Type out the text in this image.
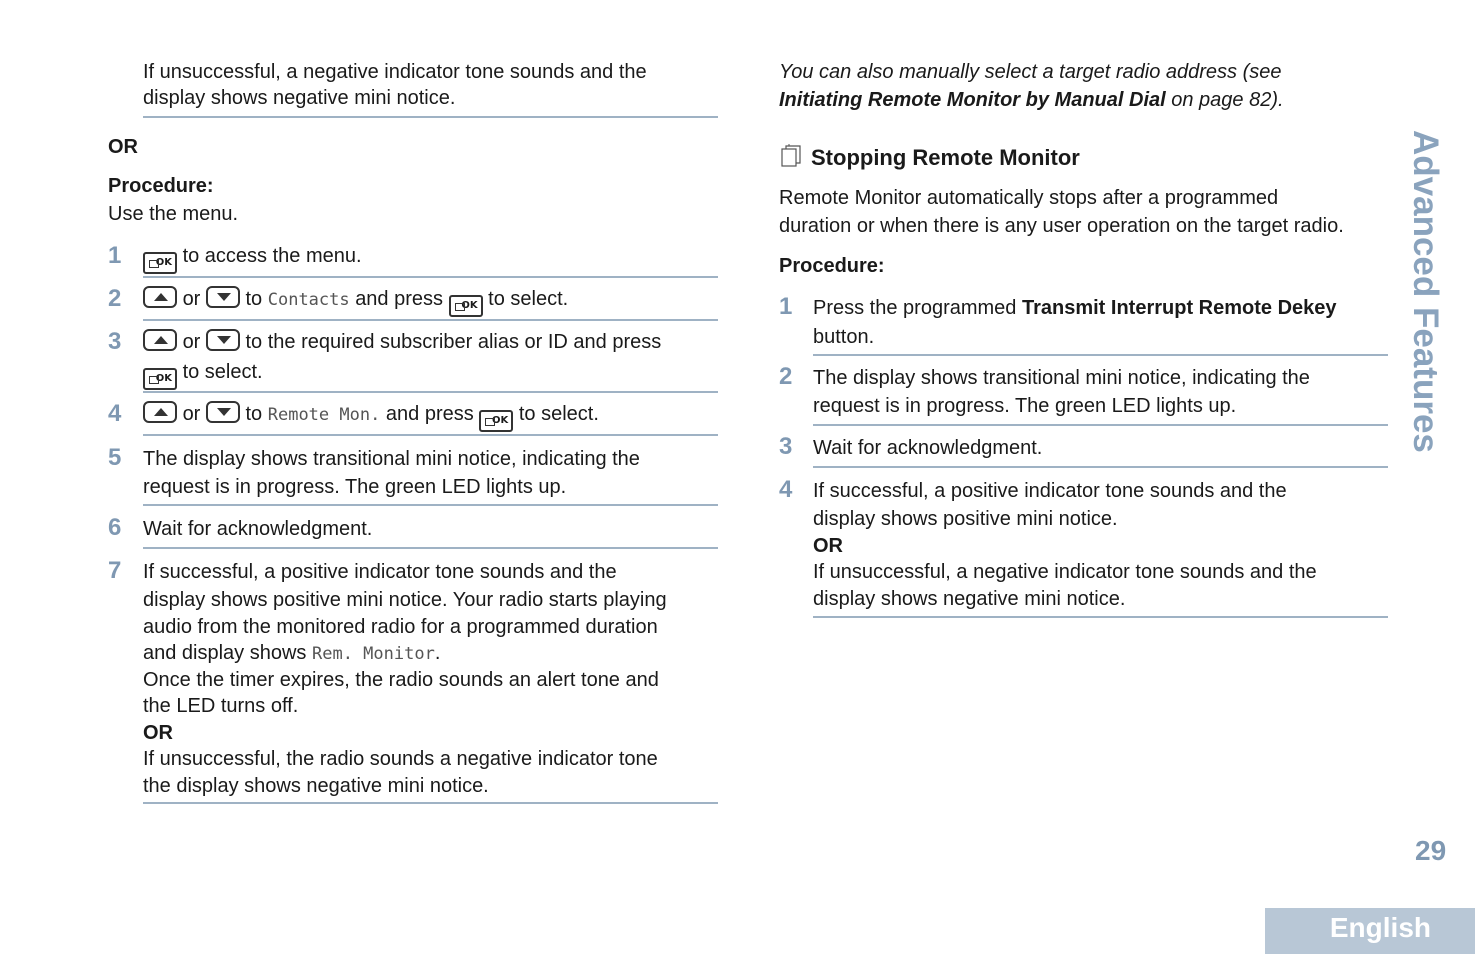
If unsuccessful, a negative indicator tone sounds and the
display shows negative mini notice.
OR
Procedure:
Use the menu.
1	OK to access the menu.
2	or to Contacts and press OK to select.
3	or to the required subscriber alias or ID and press
OK to select.
4	or to Remote Mon. and press OK to select.
5 The display shows transitional mini notice, indicating the
request is in progress. The green LED lights up.
6 Wait for acknowledgment.
7 If successful, a positive indicator tone sounds and the
display shows positive mini notice. Your radio starts playing
audio from the monitored radio for a programmed duration
and display shows Rem. Monitor.
Once the timer expires, the radio sounds an alert tone and
the LED turns off.
OR
If unsuccessful, the radio sounds a negative indicator tone
the display shows negative mini notice.
You can also manually select a target radio address (see
Initiating Remote Monitor by Manual Dial on page 82).
Stopping Remote Monitor
Remote Monitor automatically stops after a programmed
duration or when there is any user operation on the target radio.
Procedure:
1 Press the programmed Transmit Interrupt Remote Dekey
button.
2 The display shows transitional mini notice, indicating the
request is in progress. The green LED lights up.
3 Wait for acknowledgment.
4 If successful, a positive indicator tone sounds and the
display shows positive mini notice.
OR
If unsuccessful, a negative indicator tone sounds and the
display shows negative mini notice.
Advanced Features
29
English
